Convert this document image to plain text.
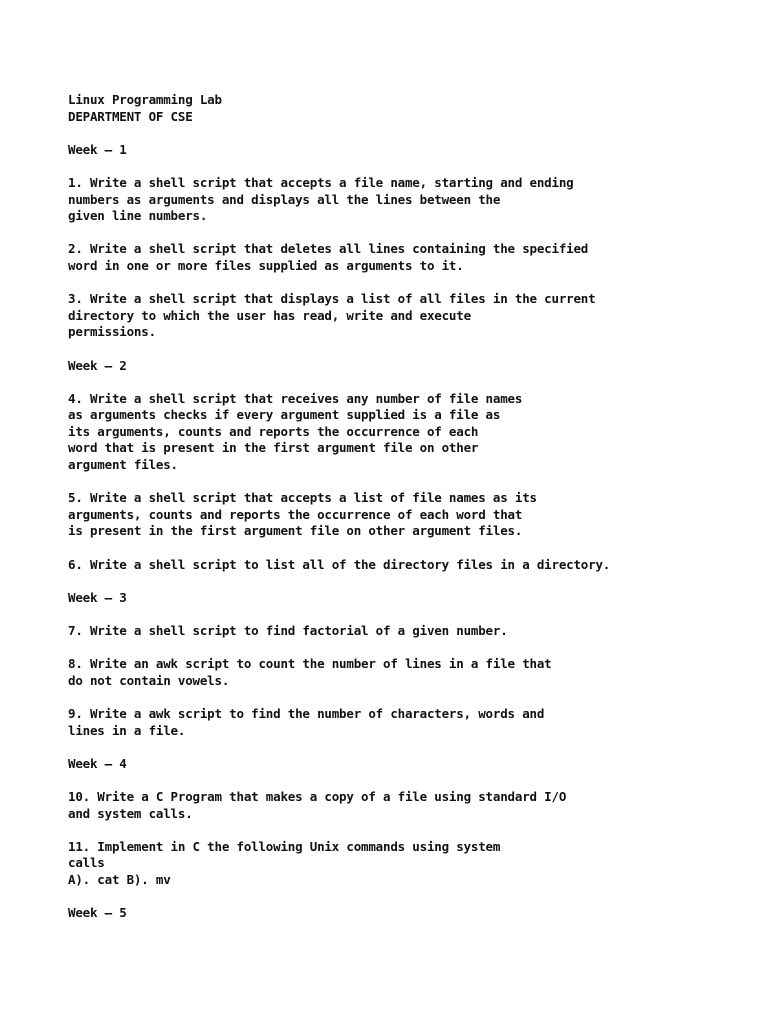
Linux Programming Lab
DEPARTMENT OF CSE
Week – 1
1. Write a shell script that accepts a file name, starting and ending
numbers as arguments and displays all the lines between the
given line numbers.
2. Write a shell script that deletes all lines containing the specified
word in one or more files supplied as arguments to it.
3. Write a shell script that displays a list of all files in the current
directory to which the user has read, write and execute
permissions.
Week – 2
4. Write a shell script that receives any number of file names
as arguments checks if every argument supplied is a file as
its arguments, counts and reports the occurrence of each
word that is present in the first argument file on other
argument files.
5. Write a shell script that accepts a list of file names as its
arguments, counts and reports the occurrence of each word that
is present in the first argument file on other argument files.
6. Write a shell script to list all of the directory files in a directory.
Week – 3
7. Write a shell script to find factorial of a given number.
8. Write an awk script to count the number of lines in a file that
do not contain vowels.
9. Write a awk script to find the number of characters, words and
lines in a file.
Week – 4
10. Write a C Program that makes a copy of a file using standard I/O
and system calls.
11. Implement in C the following Unix commands using system
calls
A). cat B). mv
Week – 5
